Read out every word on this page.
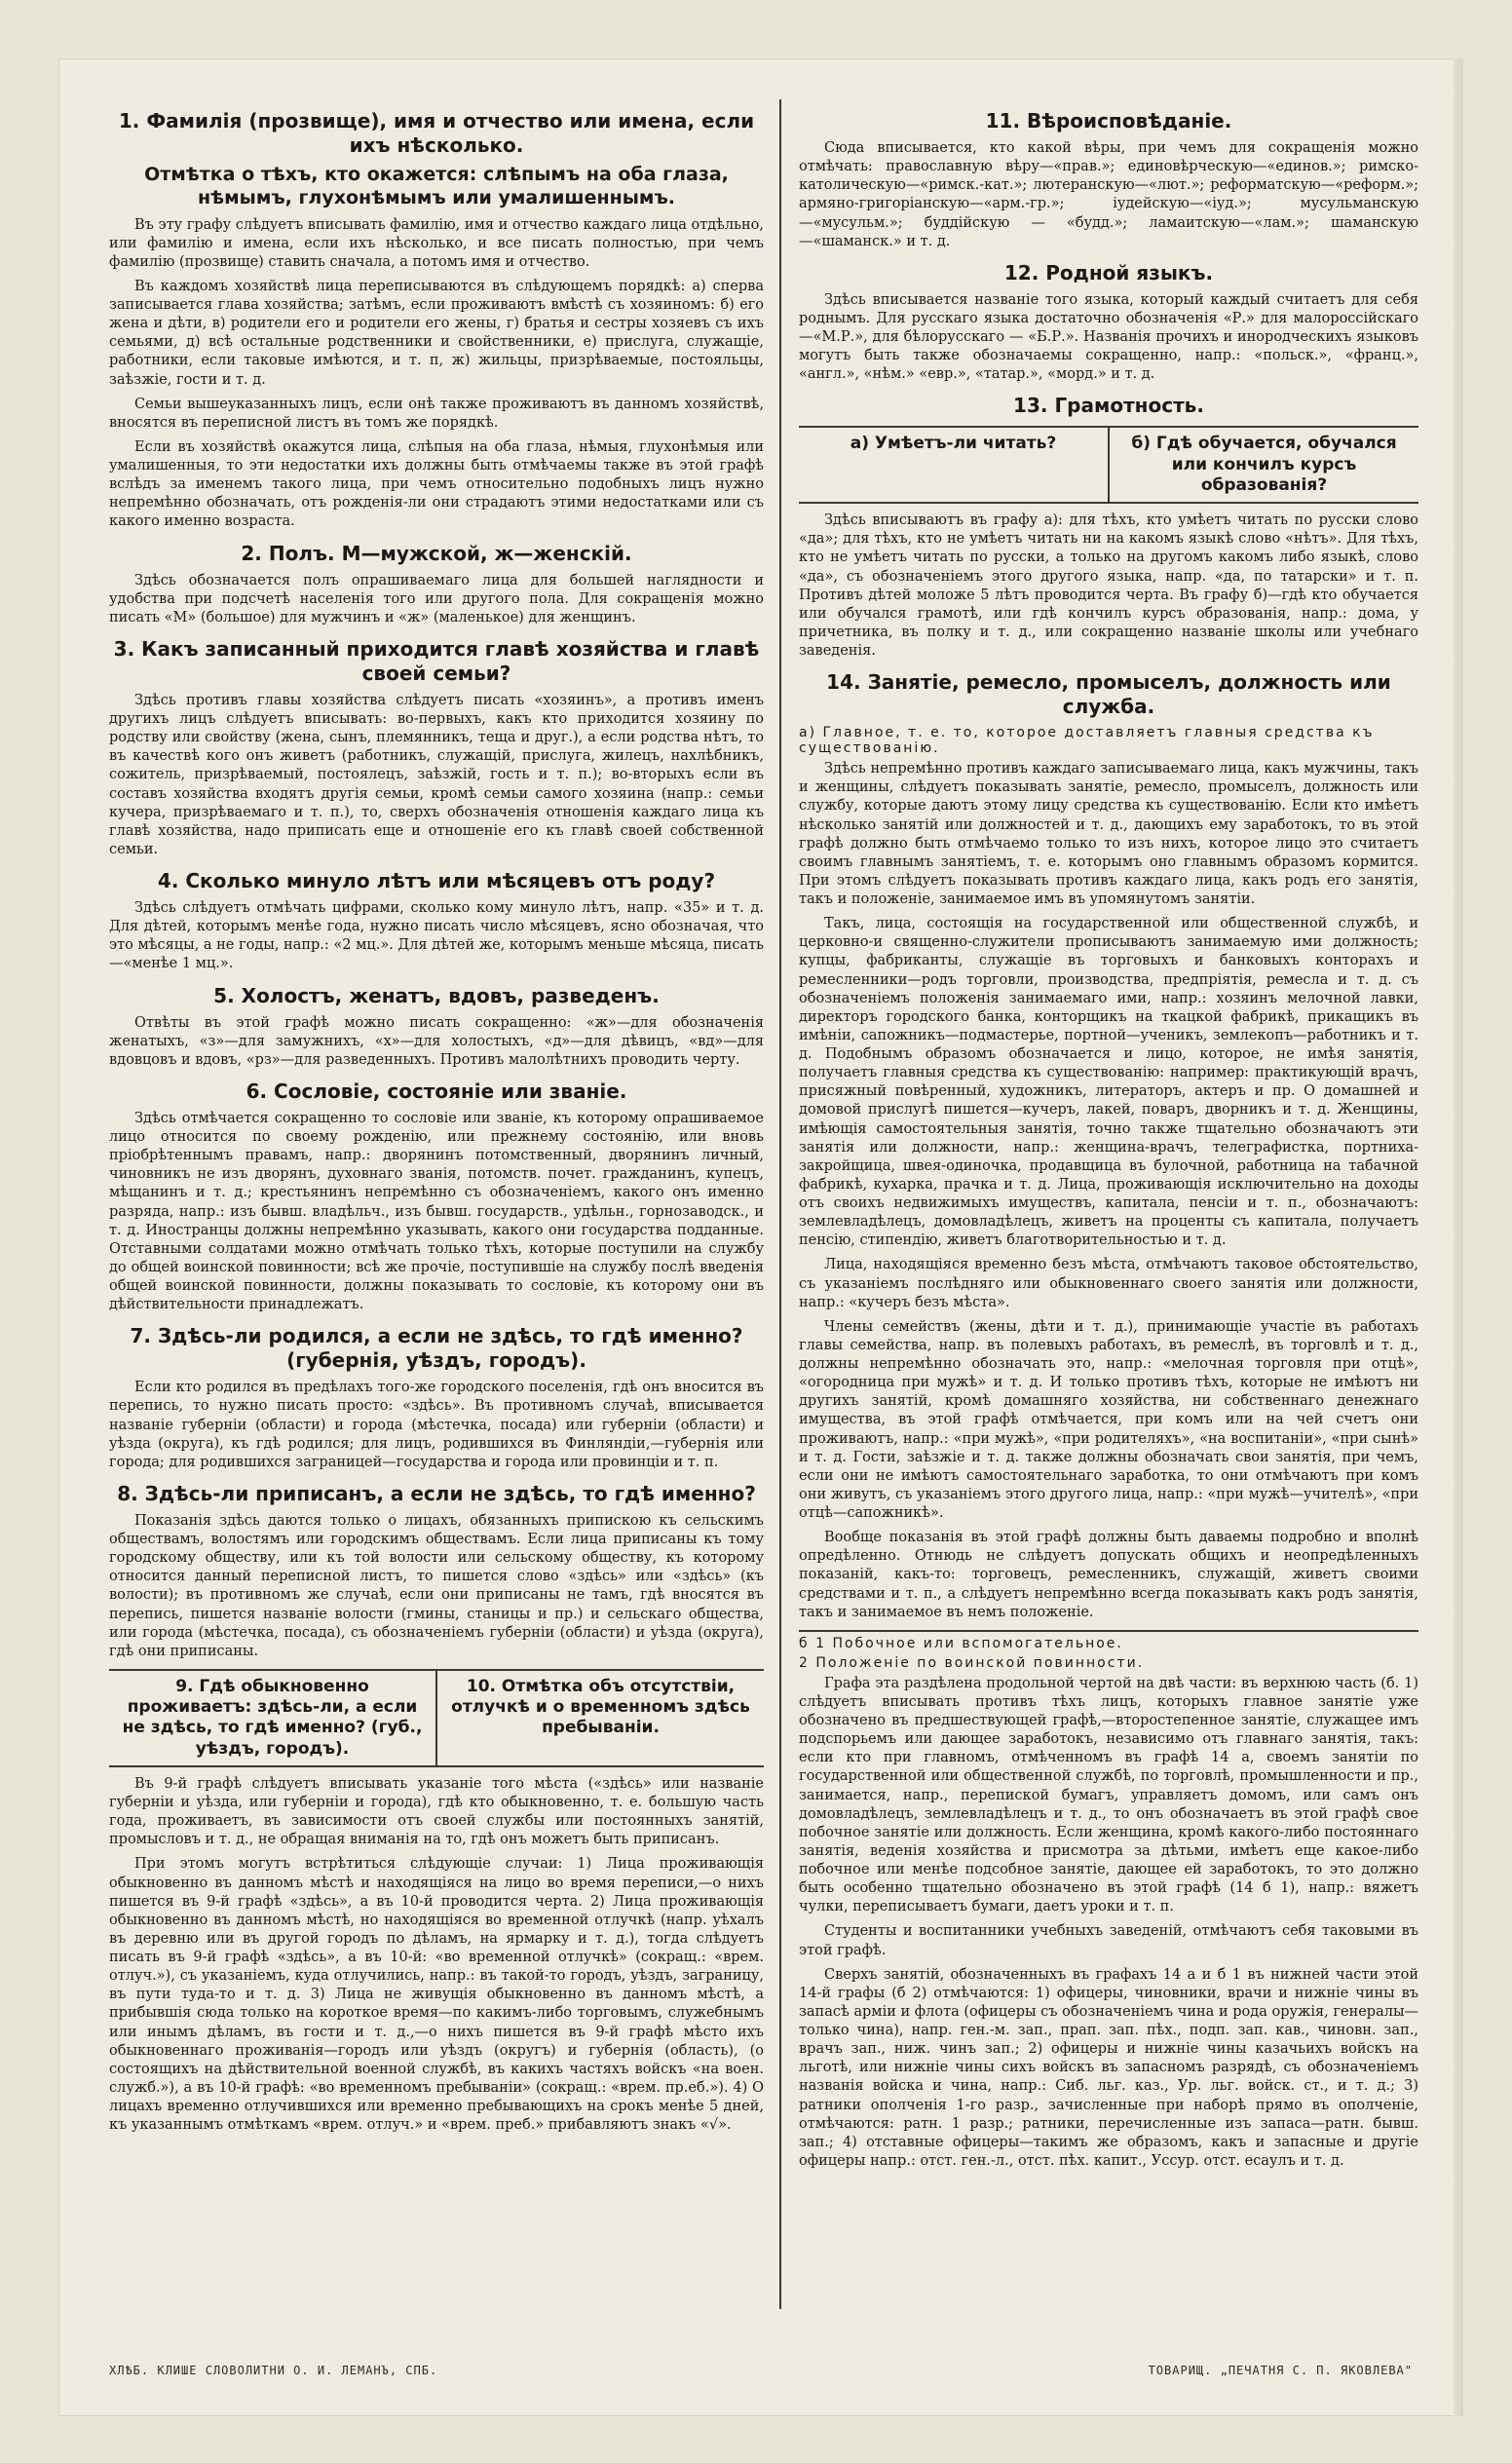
1. Фамилія (прозвище), имя и отчество или имена, если ихъ нѣсколько.
Отмѣтка о тѣхъ, кто окажется: слѣпымъ на оба глаза, нѣмымъ, глухонѣмымъ или умалишеннымъ.

Въ эту графу слѣдуетъ вписывать фамилію, имя и отчество каждаго лица отдѣльно, или фамилію и имена, если ихъ нѣсколько, и все писать полностью, при чемъ фамилію (прозвище) ставить сначала, а потомъ имя и отчество.

Въ каждомъ хозяйствѣ лица переписываются въ слѣдующемъ порядкѣ: а) сперва записывается глава хозяйства; затѣмъ, если проживаютъ вмѣстѣ съ хозяиномъ: б) его жена и дѣти, в) родители его и родители его жены, г) братья и сестры хозяевъ съ ихъ семьями, д) всѣ остальные родственники и свойственники, е) прислуга, служащіе, работники, если таковые имѣются, и т. п, ж) жильцы, призрѣваемые, постояльцы, заѣзжіе, гости и т. д.

Семьи вышеуказанныхъ лицъ, если онѣ также проживаютъ въ данномъ хозяйствѣ, вносятся въ переписной листъ въ томъ же порядкѣ.

Если въ хозяйствѣ окажутся лица, слѣпыя на оба глаза, нѣмыя, глухонѣмыя или умалишенныя, то эти недостатки ихъ должны быть отмѣчаемы также въ этой графѣ вслѣдъ за именемъ такого лица, при чемъ относительно подобныхъ лицъ нужно непремѣнно обозначать, отъ рожденія-ли они страдаютъ этими недостатками или съ какого именно возраста.

2. Полъ. М—мужской, ж—женскій.

Здѣсь обозначается полъ опрашиваемаго лица для большей наглядности и удобства при подсчетѣ населенія того или другого пола. Для сокращенія можно писать «М» (большое) для мужчинъ и «ж» (маленькое) для женщинъ.

3. Какъ записанный приходится главѣ хозяйства и главѣ своей семьи?

Здѣсь противъ главы хозяйства слѣдуетъ писать «хозяинъ», а противъ именъ другихъ лицъ слѣдуетъ вписывать: во-первыхъ, какъ кто приходится хозяину по родству или свойству (жена, сынъ, племянникъ, теща и друг.), а если родства нѣтъ, то въ качествѣ кого онъ живетъ (работникъ, служащій, прислуга, жилецъ, нахлѣбникъ, сожитель, призрѣваемый, постоялецъ, заѣзжій, гость и т. п.); во-вторыхъ если въ составъ хозяйства входятъ другія семьи, кромѣ семьи самого хозяина (напр.: семьи кучера, призрѣваемаго и т. п.), то, сверхъ обозначенія отношенія каждаго лица къ главѣ хозяйства, надо приписать еще и отношеніе его къ главѣ своей собственной семьи.

4. Сколько минуло лѣтъ или мѣсяцевъ отъ роду?

Здѣсь слѣдуетъ отмѣчать цифрами, сколько кому минуло лѣтъ, напр. «35» и т. д. Для дѣтей, которымъ менѣе года, нужно писать число мѣсяцевъ, ясно обозначая, что это мѣсяцы, а не годы, напр.: «2 мц.». Для дѣтей же, которымъ меньше мѣсяца, писать—«менѣе 1 мц.».

5. Холостъ, женатъ, вдовъ, разведенъ.

Отвѣты въ этой графѣ можно писать сокращенно: «ж»—для обозначенія женатыхъ, «з»—для замужнихъ, «х»—для холостыхъ, «д»—для дѣвицъ, «вд»—для вдовцовъ и вдовъ, «рз»—для разведенныхъ. Противъ малолѣтнихъ проводить черту.

6. Сословіе, состояніе или званіе.

Здѣсь отмѣчается сокращенно то сословіе или званіе, къ которому опрашиваемое лицо относится по своему рожденію, или прежнему состоянію, или вновь пріобрѣтеннымъ правамъ, напр.: дворянинъ потомственный, дворянинъ личный, чиновникъ не изъ дворянъ, духовнаго званія, потомств. почет. гражданинъ, купецъ, мѣщанинъ и т. д.; крестьянинъ непремѣнно съ обозначеніемъ, какого онъ именно разряда, напр.: изъ бывш. владѣльч., изъ бывш. государств., удѣльн., горнозаводск., и т. д. Иностранцы должны непремѣнно указывать, какого они государства подданные. Отставными солдатами можно отмѣчать только тѣхъ, которые поступили на службу до общей воинской повинности; всѣ же прочіе, поступившіе на службу послѣ введенія общей воинской повинности, должны показывать то сословіе, къ которому они въ дѣйствительности принадлежатъ.

7. Здѣсь-ли родился, а если не здѣсь, то гдѣ именно? (губернія, уѣздъ, городъ).

Если кто родился въ предѣлахъ того-же городского поселенія, гдѣ онъ вносится въ перепись, то нужно писать просто: «здѣсь». Въ противномъ случаѣ, вписывается названіе губерніи (области) и города (мѣстечка, посада) или губерніи (области) и уѣзда (округа), къ гдѣ родился; для лицъ, родившихся въ Финляндіи,—губернія или города; для родившихся заграницей—государства и города или провинціи и т. п.

8. Здѣсь-ли приписанъ, а если не здѣсь, то гдѣ именно?

Показанія здѣсь даются только о лицахъ, обязанныхъ припискою къ сельскимъ обществамъ, волостямъ или городскимъ обществамъ. Если лица приписаны къ тому городскому обществу, или къ той волости или сельскому обществу, къ которому относится данный переписной листъ, то пишется слово «здѣсь» или «здѣсь» (къ волости); въ противномъ же случаѣ, если они приписаны не тамъ, гдѣ вносятся въ перепись, пишется названіе волости (гмины, станицы и пр.) и сельскаго общества, или города (мѣстечка, посада), съ обозначеніемъ губерніи (области) и уѣзда (округа), гдѣ они приписаны.

9. Гдѣ обыкновенно проживаетъ: здѣсь-ли, а если не здѣсь, то гдѣ именно? (губ., уѣздъ, городъ).
10. Отмѣтка объ отсутствіи, отлучкѣ и о временномъ здѣсь пребываніи.

Въ 9-й графѣ слѣдуетъ вписывать указаніе того мѣста («здѣсь» или названіе губерніи и уѣзда, или губерніи и города), гдѣ кто обыкновенно, т. е. большую часть года, проживаетъ, въ зависимости отъ своей службы или постоянныхъ занятій, промысловъ и т. д., не обращая вниманія на то, гдѣ онъ можетъ быть приписанъ.

При этомъ могутъ встрѣтиться слѣдующіе случаи: 1) Лица проживающія обыкновенно въ данномъ мѣстѣ и находящіяся на лицо во время переписи,—о нихъ пишется въ 9-й графѣ «здѣсь», а въ 10-й проводится черта. 2) Лица проживающія обыкновенно въ данномъ мѣстѣ, но находящіяся во временной отлучкѣ (напр. уѣхалъ въ деревню или въ другой городъ по дѣламъ, на ярмарку и т. д.), тогда слѣдуетъ писать въ 9-й графѣ «здѣсь», а въ 10-й: «во временной отлучкѣ» (сокращ.: «врем. отлуч.»), съ указаніемъ, куда отлучились, напр.: въ такой-то городъ, уѣздъ, заграницу, въ пути туда-то и т. д. 3) Лица не живущія обыкновенно въ данномъ мѣстѣ, а прибывшія сюда только на короткое время—по какимъ-либо торговымъ, служебнымъ или инымъ дѣламъ, въ гости и т. д.,—о нихъ пишется въ 9-й графѣ мѣсто ихъ обыкновеннаго проживанія—городъ или уѣздъ (округъ) и губернія (область), (о состоящихъ на дѣйствительной военной службѣ, въ какихъ частяхъ войскъ «на воен. служб.»), а въ 10-й графѣ: «во временномъ пребываніи» (сокращ.: «врем. пр.еб.»). 4) О лицахъ временно отлучившихся или временно пребывающихъ на срокъ менѣе 5 дней, къ указаннымъ отмѣткамъ «врем. отлуч.» и «врем. преб.» прибавляютъ знакъ «√».

11. Вѣроисповѣданіе.

Сюда вписывается, кто какой вѣры, при чемъ для сокращенія можно отмѣчать: православную вѣру—«прав.»; единовѣрческую—«единов.»; римско-католическую—«римск.-кат.»; лютеранскую—«лют.»; реформатскую—«реформ.»; армяно-григоріанскую—«арм.-гр.»; іудейскую—«іуд.»; мусульманскую—«мусульм.»; буддійскую — «будд.»; ламаитскую—«лам.»; шаманскую—«шаманск.» и т. д.

12. Родной языкъ.

Здѣсь вписывается названіе того языка, который каждый считаетъ для себя роднымъ. Для русскаго языка достаточно обозначенія «Р.» для малороссійскаго—«М.Р.», для бѣлорусскаго — «Б.Р.». Названія прочихъ и инородческихъ языковъ могутъ быть также обозначаемы сокращенно, напр.: «польск.», «франц.», «англ.», «нѣм.» «евр.», «татар.», «морд.» и т. д.

13. Грамотность.
а) Умѣетъ-ли читать?	б) Гдѣ обучается, обучался или кончилъ курсъ образованія?

Здѣсь вписываютъ въ графу а): для тѣхъ, кто умѣетъ читать по русски слово «да»; для тѣхъ, кто не умѣетъ читать ни на какомъ языкѣ слово «нѣтъ». Для тѣхъ, кто не умѣетъ читать по русски, а только на другомъ какомъ либо языкѣ, слово «да», съ обозначеніемъ этого другого языка, напр. «да, по татарски» и т. п. Противъ дѣтей моложе 5 лѣтъ проводится черта. Въ графу б)—гдѣ кто обучается или обучался грамотѣ, или гдѣ кончилъ курсъ образованія, напр.: дома, у причетника, въ полку и т. д., или сокращенно названіе школы или учебнаго заведенія.

14. Занятіе, ремесло, промыселъ, должность или служба.
а) Главное, т. е. то, которое доставляетъ главныя средства къ существованію.

Здѣсь непремѣнно противъ каждаго записываемаго лица, какъ мужчины, такъ и женщины, слѣдуетъ показывать занятіе, ремесло, промыселъ, должность или службу, которые даютъ этому лицу средства къ существованію. Если кто имѣетъ нѣсколько занятій или должностей и т. д., дающихъ ему заработокъ, то въ этой графѣ должно быть отмѣчаемо только то изъ нихъ, которое лицо это считаетъ своимъ главнымъ занятіемъ, т. е. которымъ оно главнымъ образомъ кормится. При этомъ слѣдуетъ показывать противъ каждаго лица, какъ родъ его занятія, такъ и положеніе, занимаемое имъ въ упомянутомъ занятіи.

Такъ, лица, состоящія на государственной или общественной службѣ, и церковно-и священно-служители прописываютъ занимаемую ими должность; купцы, фабриканты, служащіе въ торговыхъ и банковыхъ конторахъ и ремесленники—родъ торговли, производства, предпріятія, ремесла и т. д. съ обозначеніемъ положенія занимаемаго ими, напр.: хозяинъ мелочной лавки, директоръ городского банка, конторщикъ на ткацкой фабрикѣ, прикащикъ въ имѣніи, сапожникъ—подмастерье, портной—ученикъ, землекопъ—работникъ и т. д. Подобнымъ образомъ обозначается и лицо, которое, не имѣя занятія, получаетъ главныя средства къ существованію: например: практикующій врачъ, присяжный повѣренный, художникъ, литераторъ, актеръ и пр. О домашней и домовой прислугѣ пишется—кучеръ, лакей, поваръ, дворникъ и т. д. Женщины, имѣющія самостоятельныя занятія, точно также тщательно обозначаютъ эти занятія или должности, напр.: женщина-врачъ, телеграфистка, портниха-закройщица, швея-одиночка, продавщица въ булочной, работница на табачной фабрикѣ, кухарка, прачка и т. д. Лица, проживающія исключительно на доходы отъ своихъ недвижимыхъ имуществъ, капитала, пенсіи и т. п., обозначаютъ: землевладѣлецъ, домовладѣлецъ, живетъ на проценты съ капитала, получаетъ пенсію, стипендію, живетъ благотворительностью и т. д.

Лица, находящіяся временно безъ мѣста, отмѣчаютъ таковое обстоятельство, съ указаніемъ послѣдняго или обыкновеннаго своего занятія или должности, напр.: «кучеръ безъ мѣста».

Члены семействъ (жены, дѣти и т. д.), принимающіе участіе въ работахъ главы семейства, напр. въ полевыхъ работахъ, въ ремеслѣ, въ торговлѣ и т. д., должны непремѣнно обозначать это, напр.: «мелочная торговля при отцѣ», «огородница при мужѣ» и т. д. И только противъ тѣхъ, которые не имѣютъ ни другихъ занятій, кромѣ домашняго хозяйства, ни собственнаго денежнаго имущества, въ этой графѣ отмѣчается, при комъ или на чей счетъ они проживаютъ, напр.: «при мужѣ», «при родителяхъ», «на воспитаніи», «при сынѣ» и т. д. Гости, заѣзжіе и т. д. также должны обозначать свои занятія, при чемъ, если они не имѣютъ самостоятельнаго заработка, то они отмѣчаютъ при комъ они живутъ, съ указаніемъ этого другого лица, напр.: «при мужѣ—учителѣ», «при отцѣ—сапожникѣ».

Вообще показанія въ этой графѣ должны быть даваемы подробно и вполнѣ опредѣленно. Отнюдь не слѣдуетъ допускать общихъ и неопредѣленныхъ показаній, какъ-то: торговецъ, ремесленникъ, служащій, живетъ своими средствами и т. п., а слѣдуетъ непремѣнно всегда показывать какъ родъ занятія, такъ и занимаемое въ немъ положеніе.

б 1 Побочное или вспомогательное.
2 Положеніе по воинской повинности.

Графа эта раздѣлена продольной чертой на двѣ части: въ верхнюю часть (б. 1) слѣдуетъ вписывать противъ тѣхъ лицъ, которыхъ главное занятіе уже обозначено въ предшествующей графѣ,—второстепенное занятіе, служащее имъ подспорьемъ или дающее заработокъ, независимо отъ главнаго занятія, такъ: если кто при главномъ, отмѣченномъ въ графѣ 14 а, своемъ занятіи по государственной или общественной службѣ, по торговлѣ, промышленности и пр., занимается, напр., перепиской бумагъ, управляетъ домомъ, или самъ онъ домовладѣлецъ, землевладѣлецъ и т. д., то онъ обозначаетъ въ этой графѣ свое побочное занятіе или должность. Если женщина, кромѣ какого-либо постояннаго занятія, веденія хозяйства и присмотра за дѣтьми, имѣетъ еще какое-либо побочное или менѣе подсобное занятіе, дающее ей заработокъ, то это должно быть особенно тщательно обозначено въ этой графѣ (14 б 1), напр.: вяжетъ чулки, переписываетъ бумаги, даетъ уроки и т. п.

Студенты и воспитанники учебныхъ заведеній, отмѣчаютъ себя таковыми въ этой графѣ.

Сверхъ занятій, обозначенныхъ въ графахъ 14 а и б 1 въ нижней части этой 14-й графы (б 2) отмѣчаются: 1) офицеры, чиновники, врачи и нижніе чины въ запасѣ арміи и флота (офицеры съ обозначеніемъ чина и рода оружія, генералы—только чина), напр. ген.-м. зап., прап. зап. пѣх., подп. зап. кав., чиновн. зап., врачъ зап., ниж. чинъ зап.; 2) офицеры и нижніе чины казачьихъ войскъ на льготѣ, или нижніе чины сихъ войскъ въ запасномъ разрядѣ, съ обозначеніемъ названія войска и чина, напр.: Сиб. льг. каз., Ур. льг. войск. ст., и т. д.; 3) ратники ополченія 1-го разр., зачисленные при наборѣ прямо въ ополченіе, отмѣчаются: ратн. 1 разр.; ратники, перечисленные изъ запаса—ратн. бывш. зап.; 4) отставные офицеры—такимъ же образомъ, какъ и запасные и другіе офицеры напр.: отст. ген.-л., отст. пѣх. капит., Уссур. отст. есаулъ и т. д.

ХЛѢБ. КЛИШЕ СЛОВОЛИТНИ О. И. ЛЕМАНЪ, СПБ.	ТОВАРИЩ. „ПЕЧАТНЯ С. П. ЯКОВЛЕВА"
